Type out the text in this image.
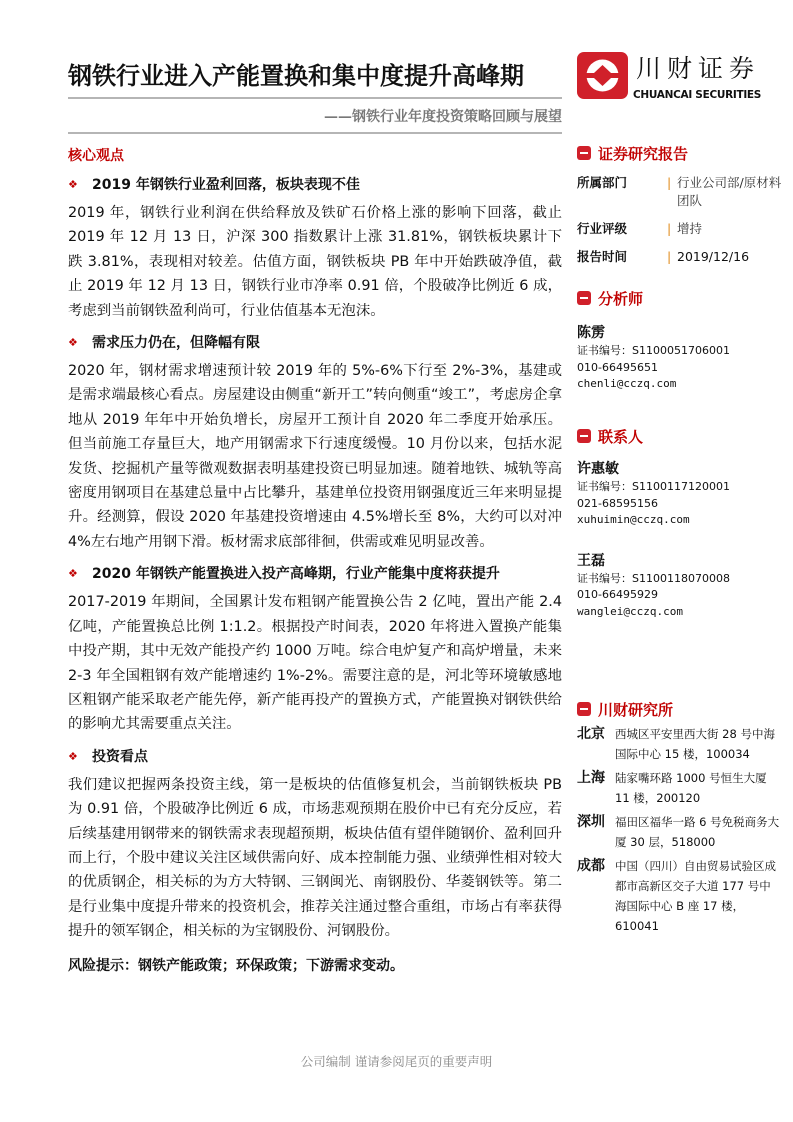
钢铁行业进入产能置换和集中度提升高峰期
——钢铁行业年度投资策略回顾与展望
川财证券
CHUANCAI SECURITIES
核心观点
❖	2019 年钢铁行业盈利回落，板块表现不佳

2019 年，钢铁行业利润在供给释放及铁矿石价格上涨的影响下回落，截止 2019 年 12 月 13 日，沪深 300 指数累计上涨 31.81%，钢铁板块累计下跌 3.81%，表现相对较差。估值方面，钢铁板块 PB 年中开始跌破净值，截止 2019 年 12 月 13 日，钢铁行业市净率 0.91 倍，个股破净比例近 6 成，考虑到当前钢铁盈利尚可，行业估值基本无泡沫。

❖	需求压力仍在，但降幅有限

2020 年，钢材需求增速预计较 2019 年的 5%-6%下行至 2%-3%，基建或是需求端最核心看点。房屋建设由侧重“新开工”转向侧重“竣工”，考虑房企拿地从 2019 年年中开始负增长，房屋开工预计自 2020 年二季度开始承压。但当前施工存量巨大，地产用钢需求下行速度缓慢。10 月份以来，包括水泥发货、挖掘机产量等微观数据表明基建投资已明显加速。随着地铁、城轨等高密度用钢项目在基建总量中占比攀升，基建单位投资用钢强度近三年来明显提升。经测算，假设 2020 年基建投资增速由 4.5%增长至 8%，大约可以对冲 4%左右地产用钢下滑。板材需求底部徘徊，供需或难见明显改善。

❖	2020 年钢铁产能置换进入投产高峰期，行业产能集中度将获提升

2017-2019 年期间，全国累计发布粗钢产能置换公告 2 亿吨，置出产能 2.4 亿吨，产能置换总比例 1:1.2。根据投产时间表，2020 年将进入置换产能集中投产期，其中无效产能投产约 1000 万吨。综合电炉复产和高炉增量，未来 2-3 年全国粗钢有效产能增速约 1%-2%。需要注意的是，河北等环境敏感地区粗钢产能采取老产能先停，新产能再投产的置换方式，产能置换对钢铁供给的影响尤其需要重点关注。

❖	投资看点

我们建议把握两条投资主线，第一是板块的估值修复机会，当前钢铁板块 PB 为 0.91 倍，个股破净比例近 6 成，市场悲观预期在股价中已有充分反应，若后续基建用钢带来的钢铁需求表现超预期，板块估值有望伴随钢价、盈利回升而上行，个股中建议关注区域供需向好、成本控制能力强、业绩弹性相对较大的优质钢企，相关标的为方大特钢、三钢闽光、南钢股份、华菱钢铁等。第二是行业集中度提升带来的投资机会，推荐关注通过整合重组，市场占有率获得提升的领军钢企，相关标的为宝钢股份、河钢股份。

风险提示：钢铁产能政策；环保政策；下游需求变动。
证券研究报告
所属部门	| 行业公司部/原材料团队
行业评级	| 增持
报告时间	| 2019/12/16
分析师
陈雳
证书编号：S1100051706001
010-66495651
chenli@cczq.com
联系人
许惠敏
证书编号：S1100117120001
021-68595156
xuhuimin@cczq.com
王磊
证书编号：S1100118070008
010-66495929
wanglei@cczq.com
川财研究所
北京 西城区平安里西大街 28 号中海国际中心 15 楼，100034
上海 陆家嘴环路 1000 号恒生大厦 11 楼，200120
深圳 福田区福华一路 6 号免税商务大厦 30 层，518000
成都 中国（四川）自由贸易试验区成都市高新区交子大道 177 号中海国际中心 B 座 17 楼，610041
公司编制 谨请参阅尾页的重要声明
